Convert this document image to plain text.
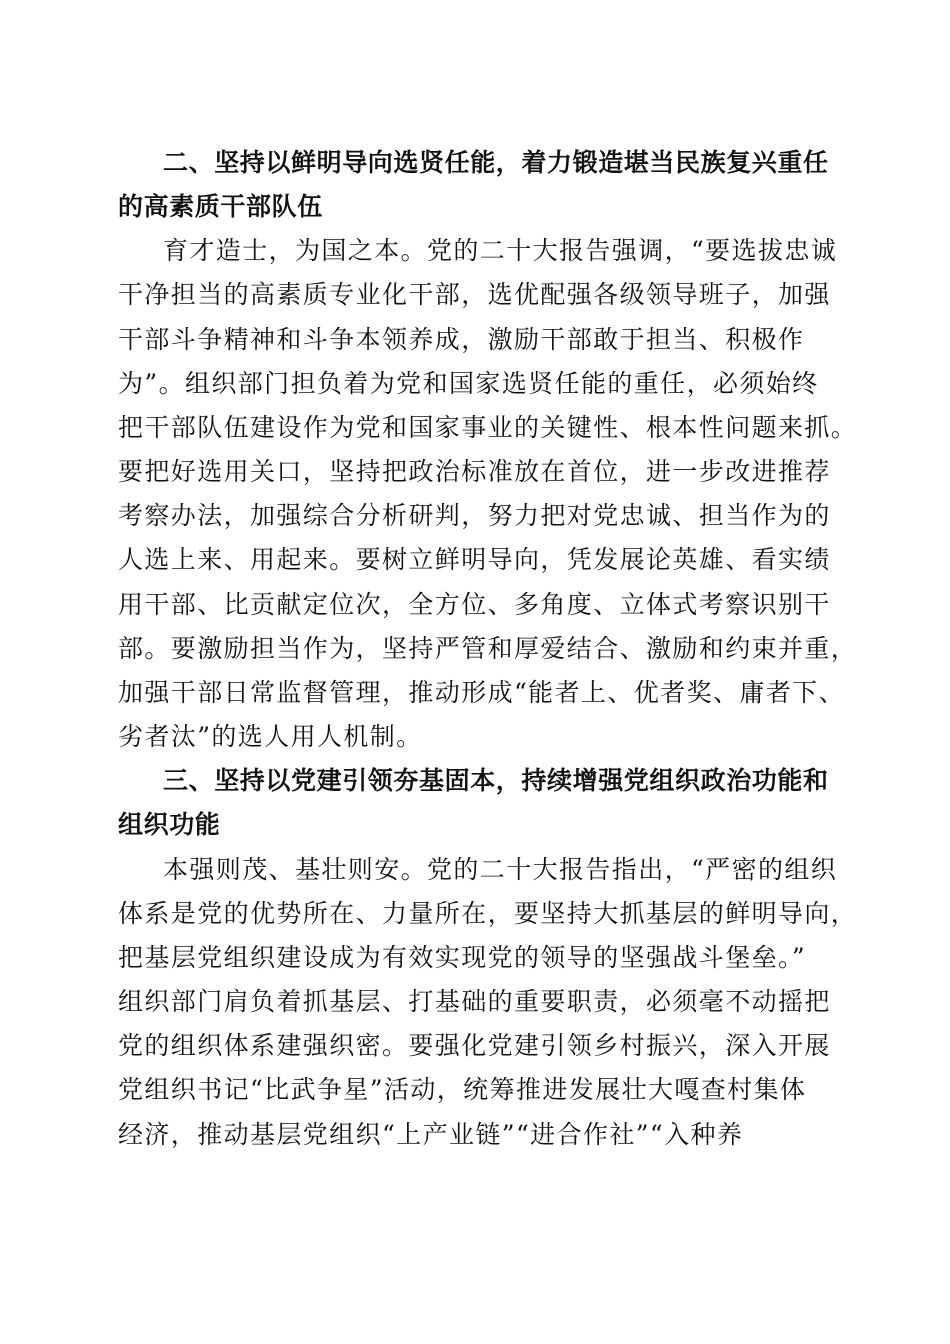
二、坚持以鲜明导向选贤任能，着力锻造堪当民族复兴重任
的高素质干部队伍
育才造士，为国之本。党的二十大报告强调，“要选拔忠诚
干净担当的高素质专业化干部，选优配强各级领导班子，加强
干部斗争精神和斗争本领养成，激励干部敢于担当、积极作
为”。组织部门担负着为党和国家选贤任能的重任，必须始终
把干部队伍建设作为党和国家事业的关键性、根本性问题来抓。
要把好选用关口，坚持把政治标准放在首位，进一步改进推荐
考察办法，加强综合分析研判，努力把对党忠诚、担当作为的
人选上来、用起来。要树立鲜明导向，凭发展论英雄、看实绩
用干部、比贡献定位次，全方位、多角度、立体式考察识别干
部。要激励担当作为，坚持严管和厚爱结合、激励和约束并重，
加强干部日常监督管理，推动形成“能者上、优者奖、庸者下、
劣者汰”的选人用人机制。
三、坚持以党建引领夯基固本，持续增强党组织政治功能和
组织功能
本强则茂、基壮则安。党的二十大报告指出，“严密的组织
体系是党的优势所在、力量所在，要坚持大抓基层的鲜明导向，
把基层党组织建设成为有效实现党的领导的坚强战斗堡垒。”
组织部门肩负着抓基层、打基础的重要职责，必须毫不动摇把
党的组织体系建强织密。要强化党建引领乡村振兴，深入开展
党组织书记“比武争星”活动，统筹推进发展壮大嘎查村集体
经济，推动基层党组织“上产业链”“进合作社”“入种养
